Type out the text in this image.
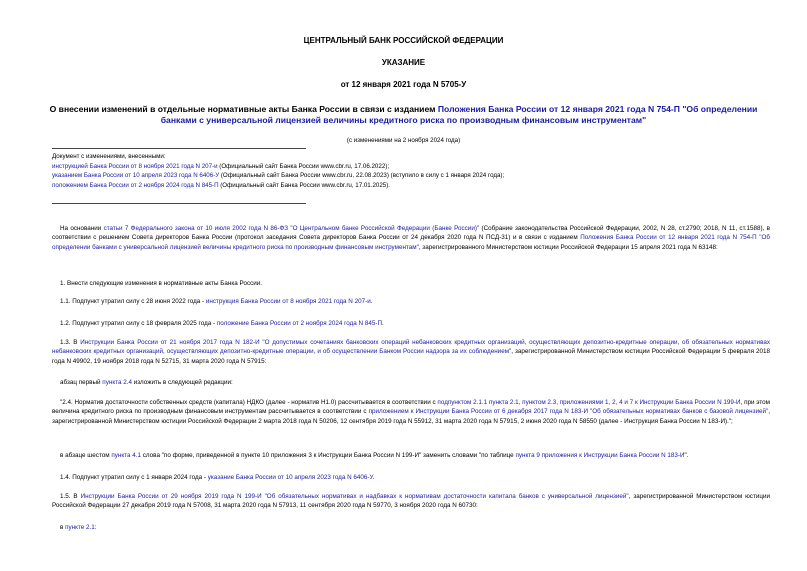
ЦЕНТРАЛЬНЫЙ БАНК РОССИЙСКОЙ ФЕДЕРАЦИИ
УКАЗАНИЕ
от 12 января 2021 года N 5705-У
О внесении изменений в отдельные нормативные акты Банка России в связи с изданием Положения Банка России от 12 января 2021 года N 754-П "Об определении банками с универсальной лицензией величины кредитного риска по производным финансовым инструментам"
(с изменениями на 2 ноября 2024 года)
Документ с изменениями, внесенными:
инструкцией Банка России от 8 ноября 2021 года N 207-и (Официальный сайт Банка России www.cbr.ru, 17.06.2022);
указанием Банка России от 10 апреля 2023 года N 6406-У (Официальный сайт Банка России www.cbr.ru, 22.08.2023) (вступило в силу с 1 января 2024 года);
положением Банка России от 2 ноября 2024 года N 845-П (Официальный сайт Банка России www.cbr.ru, 17.01.2025).
На основании статьи 7 Федерального закона от 10 июля 2002 года N 86-ФЗ "О Центральном банке Российской Федерации (Банке России)" (Собрание законодательства Российской Федерации, 2002, N 28, ст.2790; 2018, N 11, ст.1588), в соответствии с решением Совета директоров Банка России (протокол заседания Совета директоров Банка России от 24 декабря 2020 года N ПСД-31) и в связи с изданием Положения Банка России от 12 января 2021 года N 754-П "Об определении банками с универсальной лицензией величины кредитного риска по производным финансовым инструментам", зарегистрированного Министерством юстиции Российской Федерации 15 апреля 2021 года N 63148:
1. Внести следующие изменения в нормативные акты Банка России.
1.1. Подпункт утратил силу с 28 июня 2022 года - инструкция Банка России от 8 ноября 2021 года N 207-и.
1.2. Подпункт утратил силу с 18 февраля 2025 года - положение Банка России от 2 ноября 2024 года N 845-П.
1.3. В Инструкции Банка России от 21 ноября 2017 года N 182-И "О допустимых сочетаниях банковских операций небанковских кредитных организаций, осуществляющих депозитно-кредитные операции, об обязательных нормативах небанковских кредитных организаций, осуществляющих депозитно-кредитные операции, и об осуществлении Банком России надзора за их соблюдением", зарегистрированной Министерством юстиции Российской Федерации 5 февраля 2018 года N 49902, 19 ноября 2018 года N 52715, 31 марта 2020 года N 57915:
абзац первый пункта 2.4 изложить в следующей редакции:
"2.4. Норматив достаточности собственных средств (капитала) НДКО (далее - норматив Н1.0) рассчитывается в соответствии с подпунктом 2.1.1 пункта 2.1, пунктом 2.3, приложениями 1, 2, 4 и 7 к Инструкции Банка России N 199-И, при этом величина кредитного риска по производным финансовым инструментам рассчитывается в соответствии с приложением к Инструкции Банка России от 6 декабря 2017 года N 183-И "Об обязательных нормативах банков с базовой лицензией", зарегистрированной Министерством юстиции Российской Федерации 2 марта 2018 года N 50206, 12 сентября 2019 года N 55912, 31 марта 2020 года N 57915, 2 июня 2020 года N 58550 (далее - Инструкция Банка России N 183-И).";
в абзаце шестом пункта 4.1 слова "по форме, приведенной в пункте 10 приложения 3 к Инструкции Банка России N 199-И" заменить словами "по таблице пункта 9 приложения к Инструкции Банка России N 183-И".
1.4. Подпункт утратил силу с 1 января 2024 года - указание Банка России от 10 апреля 2023 года N 6406-У.
1.5. В Инструкции Банка России от 29 ноября 2019 года N 199-И "Об обязательных нормативах и надбавках к нормативам достаточности капитала банков с универсальной лицензией", зарегистрированной Министерством юстиции Российской Федерации 27 декабря 2019 года N 57008, 31 марта 2020 года N 57913, 11 сентября 2020 года N 59770, 3 ноября 2020 года N 60730:
в пункте 2.1:
